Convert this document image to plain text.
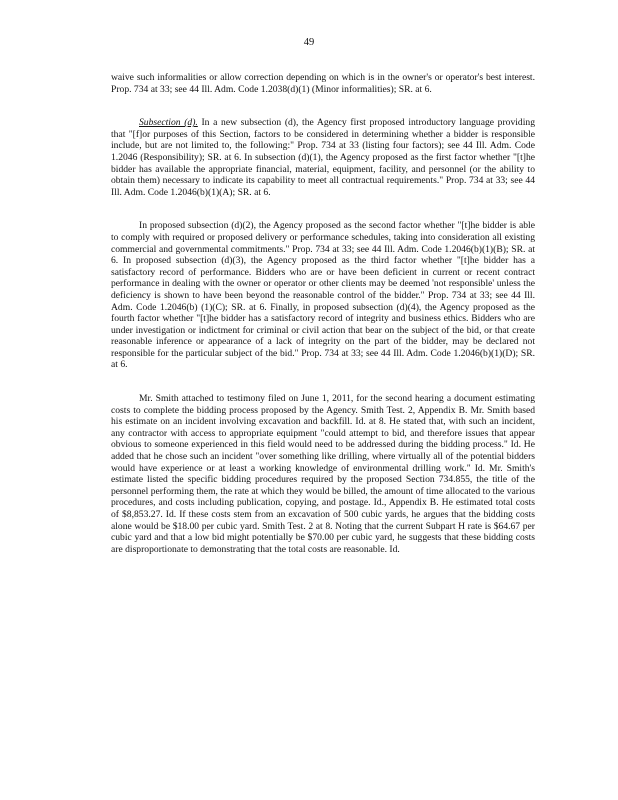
49

waive such informalities or allow correction depending on which is in the owner's or operator's best interest. Prop. 734 at 33; see 44 Ill. Adm. Code 1.2038(d)(1) (Minor informalities); SR. at 6.

Subsection (d). In a new subsection (d), the Agency first proposed introductory language providing that "[f]or purposes of this Section, factors to be considered in determining whether a bidder is responsible include, but are not limited to, the following:" Prop. 734 at 33 (listing four factors); see 44 Ill. Adm. Code 1.2046 (Responsibility); SR. at 6. In subsection (d)(1), the Agency proposed as the first factor whether "[t]he bidder has available the appropriate financial, material, equipment, facility, and personnel (or the ability to obtain them) necessary to indicate its capability to meet all contractual requirements." Prop. 734 at 33; see 44 Ill. Adm. Code 1.2046(b)(1)(A); SR. at 6.

In proposed subsection (d)(2), the Agency proposed as the second factor whether "[t]he bidder is able to comply with required or proposed delivery or performance schedules, taking into consideration all existing commercial and governmental commitments." Prop. 734 at 33; see 44 Ill. Adm. Code 1.2046(b)(1)(B); SR. at 6. In proposed subsection (d)(3), the Agency proposed as the third factor whether "[t]he bidder has a satisfactory record of performance. Bidders who are or have been deficient in current or recent contract performance in dealing with the owner or operator or other clients may be deemed 'not responsible' unless the deficiency is shown to have been beyond the reasonable control of the bidder." Prop. 734 at 33; see 44 Ill. Adm. Code 1.2046(b) (1)(C); SR. at 6. Finally, in proposed subsection (d)(4), the Agency proposed as the fourth factor whether "[t]he bidder has a satisfactory record of integrity and business ethics. Bidders who are under investigation or indictment for criminal or civil action that bear on the subject of the bid, or that create reasonable inference or appearance of a lack of integrity on the part of the bidder, may be declared not responsible for the particular subject of the bid." Prop. 734 at 33; see 44 Ill. Adm. Code 1.2046(b)(1)(D); SR. at 6.

Mr. Smith attached to testimony filed on June 1, 2011, for the second hearing a document estimating costs to complete the bidding process proposed by the Agency. Smith Test. 2, Appendix B. Mr. Smith based his estimate on an incident involving excavation and backfill. Id. at 8. He stated that, with such an incident, any contractor with access to appropriate equipment "could attempt to bid, and therefore issues that appear obvious to someone experienced in this field would need to be addressed during the bidding process." Id. He added that he chose such an incident "over something like drilling, where virtually all of the potential bidders would have experience or at least a working knowledge of environmental drilling work." Id. Mr. Smith's estimate listed the specific bidding procedures required by the proposed Section 734.855, the title of the personnel performing them, the rate at which they would be billed, the amount of time allocated to the various procedures, and costs including publication, copying, and postage. Id., Appendix B. He estimated total costs of $8,853.27. Id. If these costs stem from an excavation of 500 cubic yards, he argues that the bidding costs alone would be $18.00 per cubic yard. Smith Test. 2 at 8. Noting that the current Subpart H rate is $64.67 per cubic yard and that a low bid might potentially be $70.00 per cubic yard, he suggests that these bidding costs are disproportionate to demonstrating that the total costs are reasonable. Id.
